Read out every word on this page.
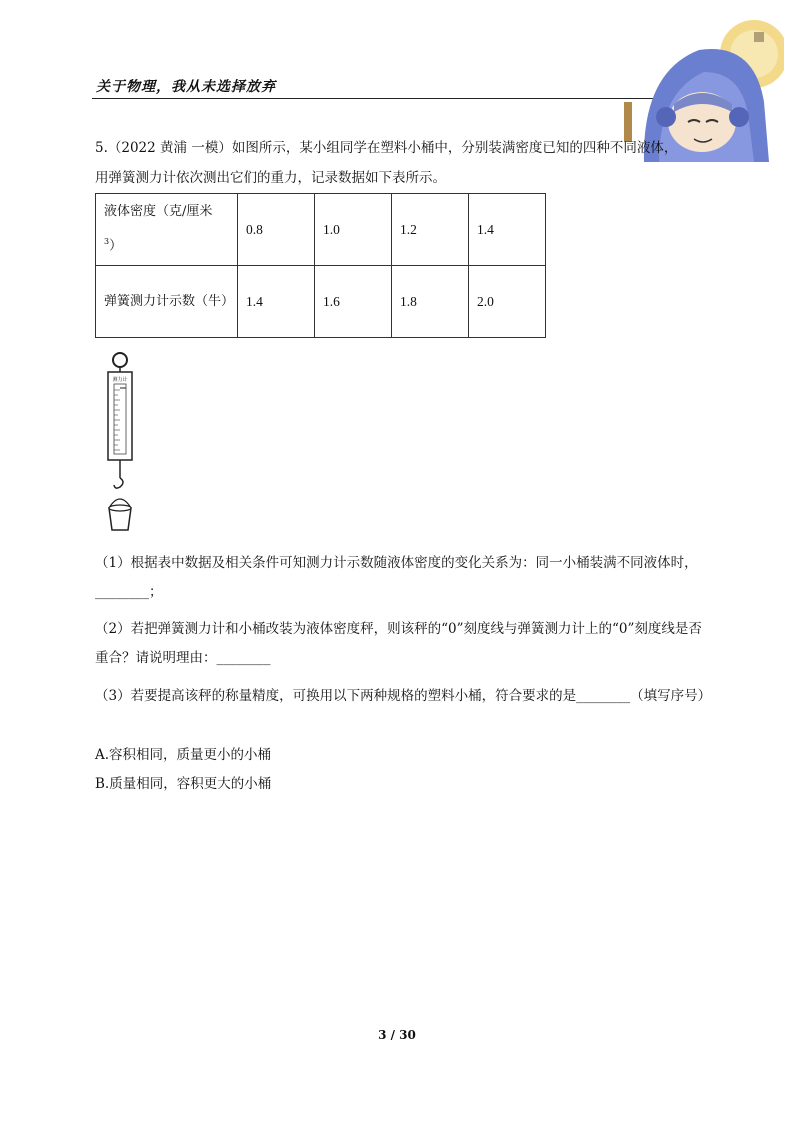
关于物理，我从未选择放弃
5.（2022 黄浦 一模）如图所示，某小组同学在塑料小桶中，分别装满密度已知的四种不同液体，
用弹簧测力计依次测出它们的重力，记录数据如下表所示。
液体密度（克/厘米
$^3$）	0.8	1.0	1.2	1.4
弹簧测力计示数（牛）	1.4	1.6	1.8	2.0
测力计
（1）根据表中数据及相关条件可知测力计示数随液体密度的变化关系为：同一小桶装满不同液体时，________；
（2）若把弹簧测力计和小桶改装为液体密度秤，则该秤的“0”刻度线与弹簧测力计上的“0”刻度线是否重合？请说明理由：________
（3）若要提高该秤的称量精度，可换用以下两种规格的塑料小桶，符合要求的是________（填写序号）
A.容积相同，质量更小的小桶
B.质量相同，容积更大的小桶
3 / 30
